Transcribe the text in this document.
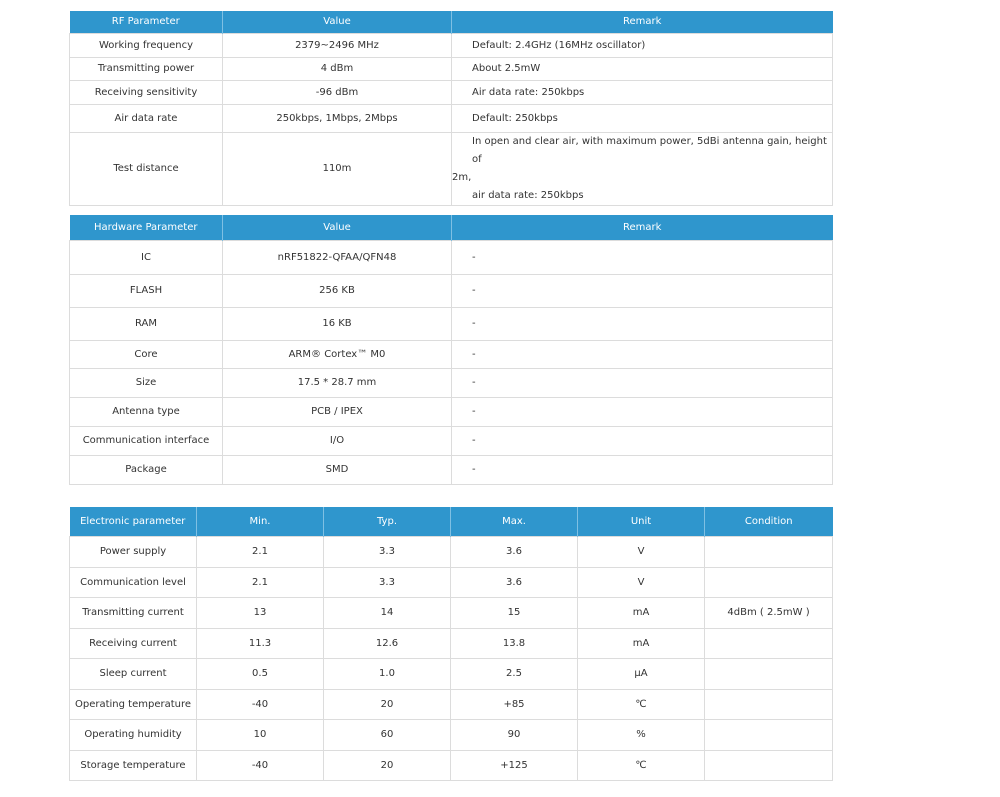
RF Parameter	Value	Remark
Working frequency	2379~2496 MHz	Default: 2.4GHz (16MHz oscillator)
Transmitting power	4 dBm	About 2.5mW
Receiving sensitivity	-96 dBm	Air data rate: 250kbps
Air data rate	250kbps, 1Mbps, 2Mbps	Default: 250kbps
Test distance	110m	In open and clear air, with maximum power, 5dBi antenna gain, height of
2m,
air data rate: 250kbps
Hardware Parameter	Value	Remark
IC	nRF51822-QFAA/QFN48	-
FLASH	256 KB	-
RAM	16 KB	-
Core	ARM® Cortex™ M0	-
Size	17.5 * 28.7 mm	-
Antenna type	PCB / IPEX	-
Communication interface	I/O	-
Package	SMD	-
Electronic parameter	Min.	Typ.	Max.	Unit	Condition
Power supply	2.1	3.3	3.6	V	
Communication level	2.1	3.3	3.6	V	
Transmitting current	13	14	15	mA	4dBm ( 2.5mW )
Receiving current	11.3	12.6	13.8	mA	
Sleep current	0.5	1.0	2.5	μA	
Operating temperature	-40	20	+85	℃	
Operating humidity	10	60	90	%	
Storage temperature	-40	20	+125	℃	
